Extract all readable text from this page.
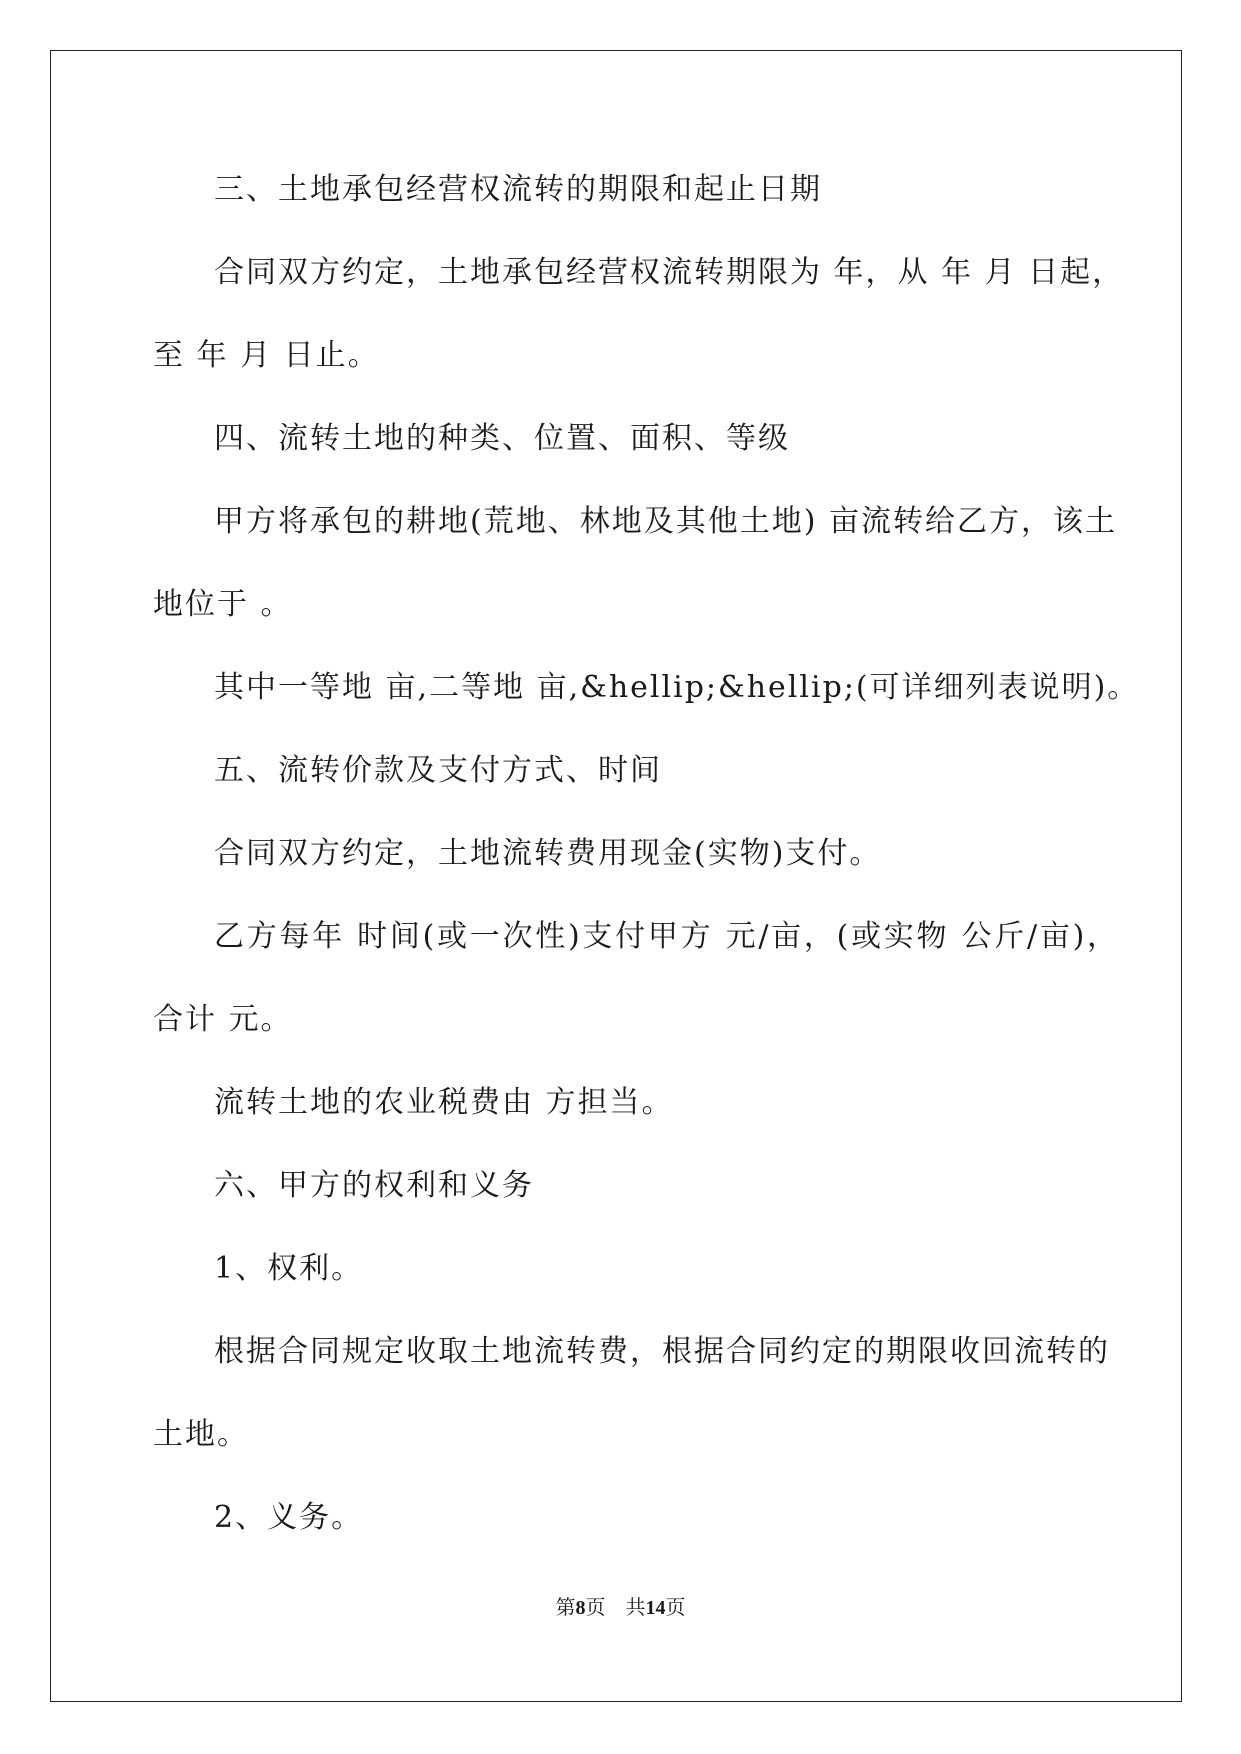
三、土地承包经营权流转的期限和起止日期
合同双方约定，土地承包经营权流转期限为 年，从 年 月 日起，
至 年 月 日止。
四、流转土地的种类、位置、面积、等级
甲方将承包的耕地(荒地、林地及其他土地) 亩流转给乙方，该土
地位于 。
其中一等地 亩,二等地 亩,&hellip;&hellip;(可详细列表说明)。
五、流转价款及支付方式、时间
合同双方约定，土地流转费用现金(实物)支付。
乙方每年 时间(或一次性)支付甲方 元/亩，(或实物 公斤/亩)，
合计 元。
流转土地的农业税费由 方担当。
六、甲方的权利和义务
1、权利。
根据合同规定收取土地流转费，根据合同约定的期限收回流转的
土地。
2、义务。
第8页 共14页
